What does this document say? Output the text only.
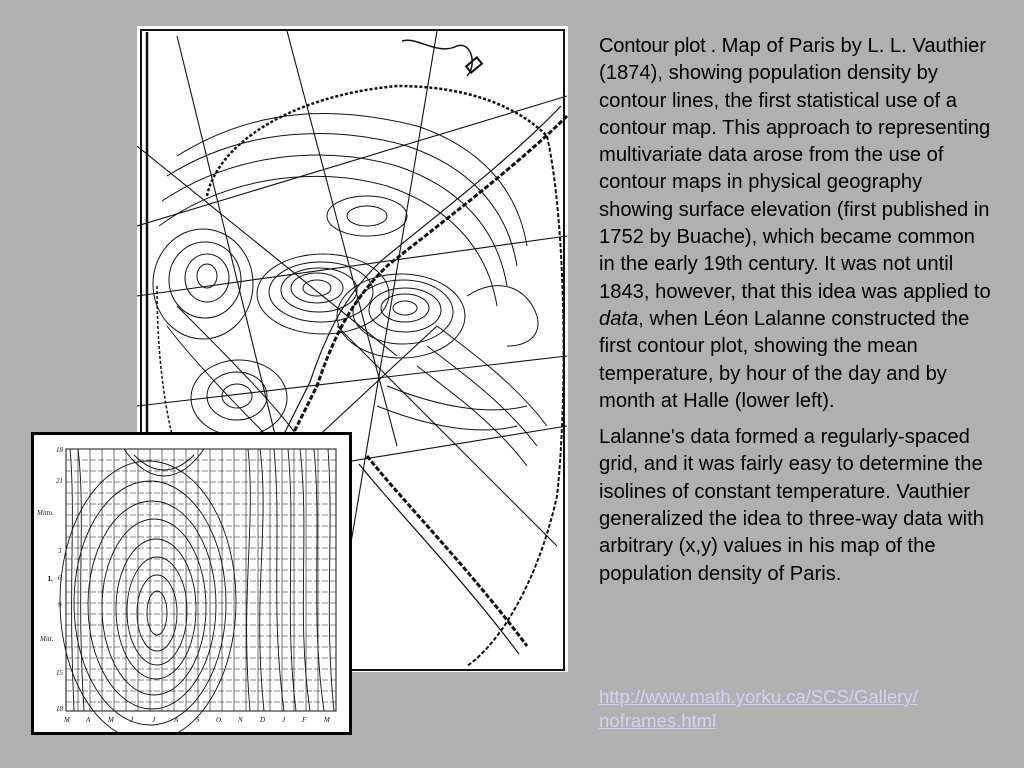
18
21
Mittn.
3
6
9
Mitt.
15
18
I.
M A	M J	J	A	S O. N D J F	M

Contour plot . Map of Paris by L. L. Vauthier (1874), showing population density by contour lines, the first statistical use of a contour map. This approach to representing multivariate data arose from the use of contour maps in physical geography showing surface elevation (first published in 1752 by Buache), which became common in the early 19th century. It was not until 1843, however, that this idea was applied to data, when Léon Lalanne constructed the first contour plot, showing the mean temperature, by hour of the day and by month at Halle (lower left).

Lalanne's data formed a regularly-spaced grid, and it was fairly easy to determine the isolines of constant temperature. Vauthier generalized the idea to three-way data with arbitrary (x,y) values in his map of the population density of Paris.

http://www.math.yorku.ca/SCS/Gallery/
noframes.html
